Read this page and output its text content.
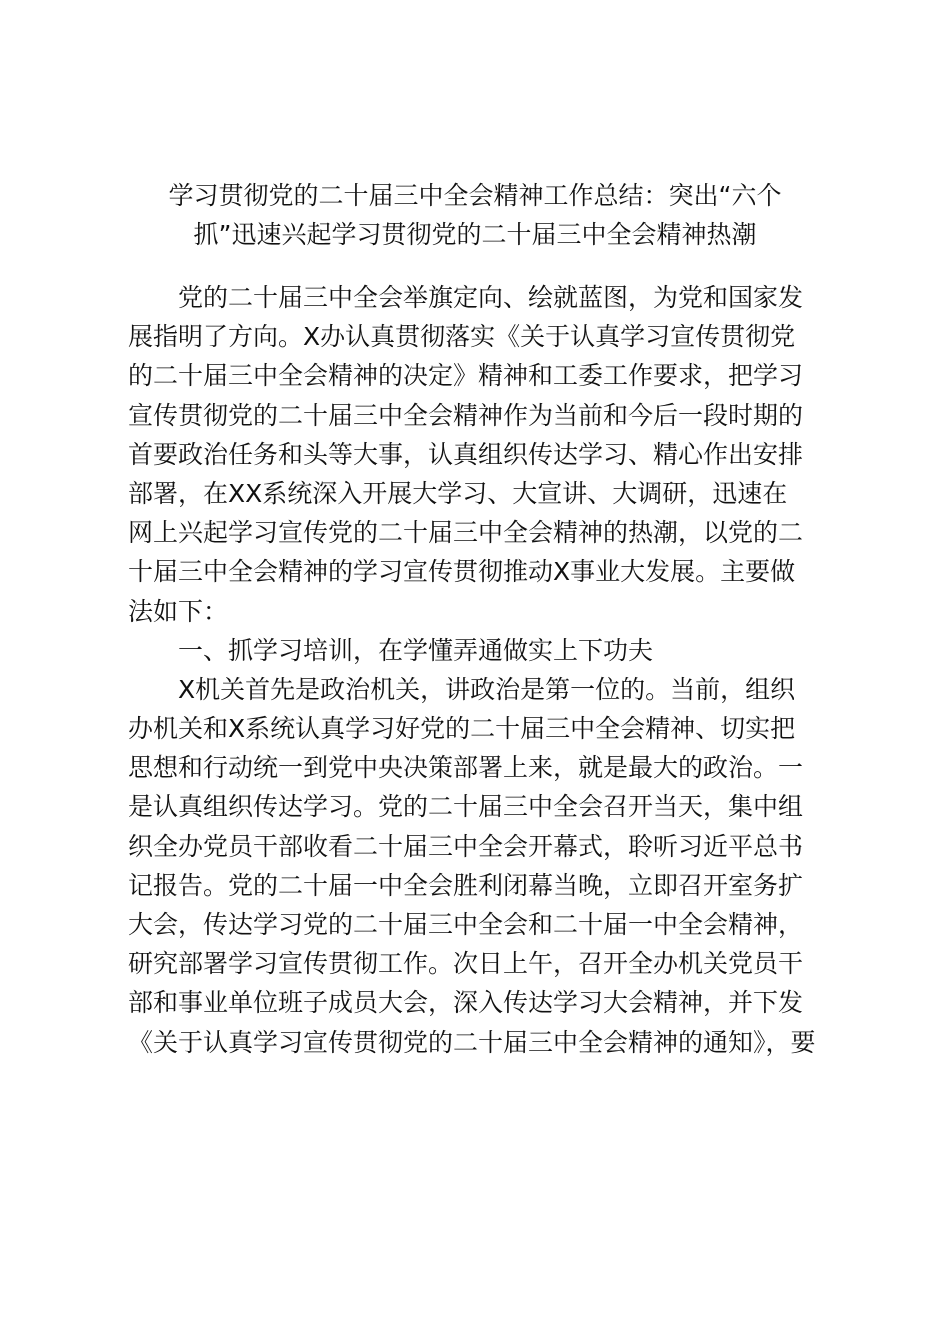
学习贯彻党的二十届三中全会精神工作总结：突出“六个
抓”迅速兴起学习贯彻党的二十届三中全会精神热潮
党的二十届三中全会举旗定向、绘就蓝图，为党和国家发
展指明了方向。X办认真贯彻落实《关于认真学习宣传贯彻党
的二十届三中全会精神的决定》精神和工委工作要求，把学习
宣传贯彻党的二十届三中全会精神作为当前和今后一段时期的
首要政治任务和头等大事，认真组织传达学习、精心作出安排
部署，在XX系统深入开展大学习、大宣讲、大调研，迅速在
网上兴起学习宣传党的二十届三中全会精神的热潮，以党的二
十届三中全会精神的学习宣传贯彻推动X事业大发展。主要做
法如下：
一、抓学习培训，在学懂弄通做实上下功夫
X机关首先是政治机关，讲政治是第一位的。当前，组织
办机关和X系统认真学习好党的二十届三中全会精神、切实把
思想和行动统一到党中央决策部署上来，就是最大的政治。一
是认真组织传达学习。党的二十届三中全会召开当天，集中组
织全办党员干部收看二十届三中全会开幕式，聆听习近平总书
记报告。党的二十届一中全会胜利闭幕当晚，立即召开室务扩
大会，传达学习党的二十届三中全会和二十届一中全会精神，
研究部署学习宣传贯彻工作。次日上午，召开全办机关党员干
部和事业单位班子成员大会，深入传达学习大会精神，并下发
《关于认真学习宣传贯彻党的二十届三中全会精神的通知》，要
